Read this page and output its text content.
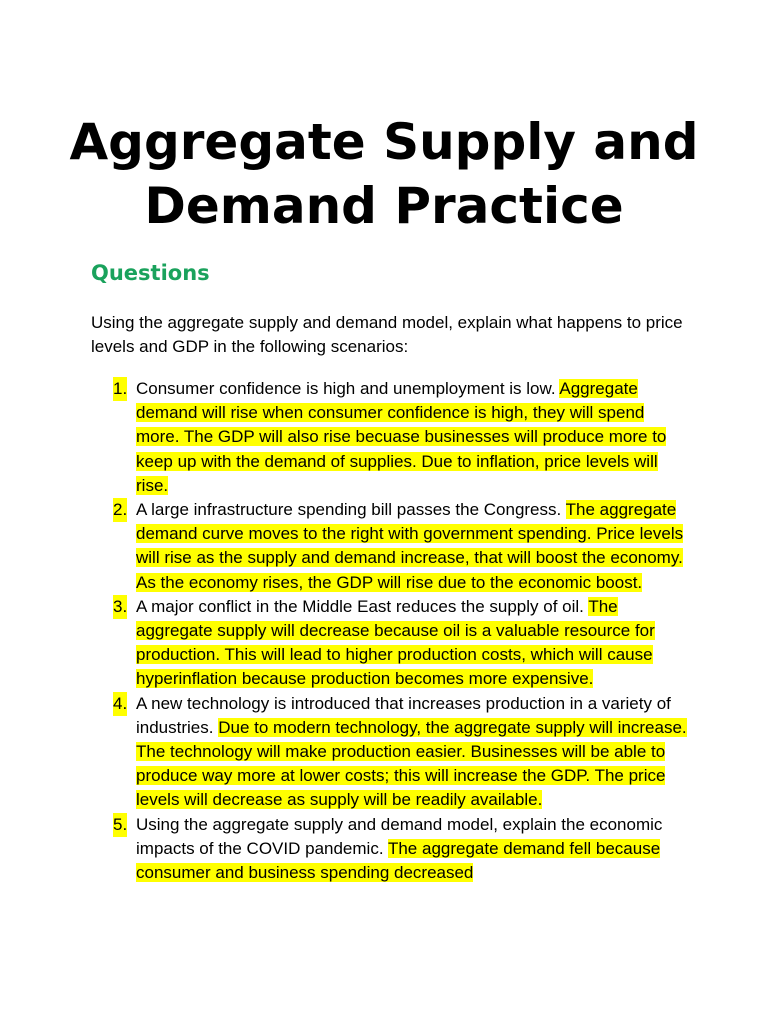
Aggregate Supply and Demand Practice
Questions

Using the aggregate supply and demand model, explain what happens to price levels and GDP in the following scenarios:

1. Consumer confidence is high and unemployment is low. Aggregate demand will rise when consumer confidence is high, they will spend more. The GDP will also rise becuase businesses will produce more to keep up with the demand of supplies. Due to inflation, price levels will rise.
2. A large infrastructure spending bill passes the Congress. The aggregate demand curve moves to the right with government spending. Price levels will rise as the supply and demand increase, that will boost the economy. As the economy rises, the GDP will rise due to the economic boost.
3. A major conflict in the Middle East reduces the supply of oil. The aggregate supply will decrease because oil is a valuable resource for production. This will lead to higher production costs, which will cause hyperinflation because production becomes more expensive.
4. A new technology is introduced that increases production in a variety of industries. Due to modern technology, the aggregate supply will increase. The technology will make production easier. Businesses will be able to produce way more at lower costs; this will increase the GDP. The price levels will decrease as supply will be readily available.
5. Using the aggregate supply and demand model, explain the economic impacts of the COVID pandemic. The aggregate demand fell because consumer and business spending decreased
